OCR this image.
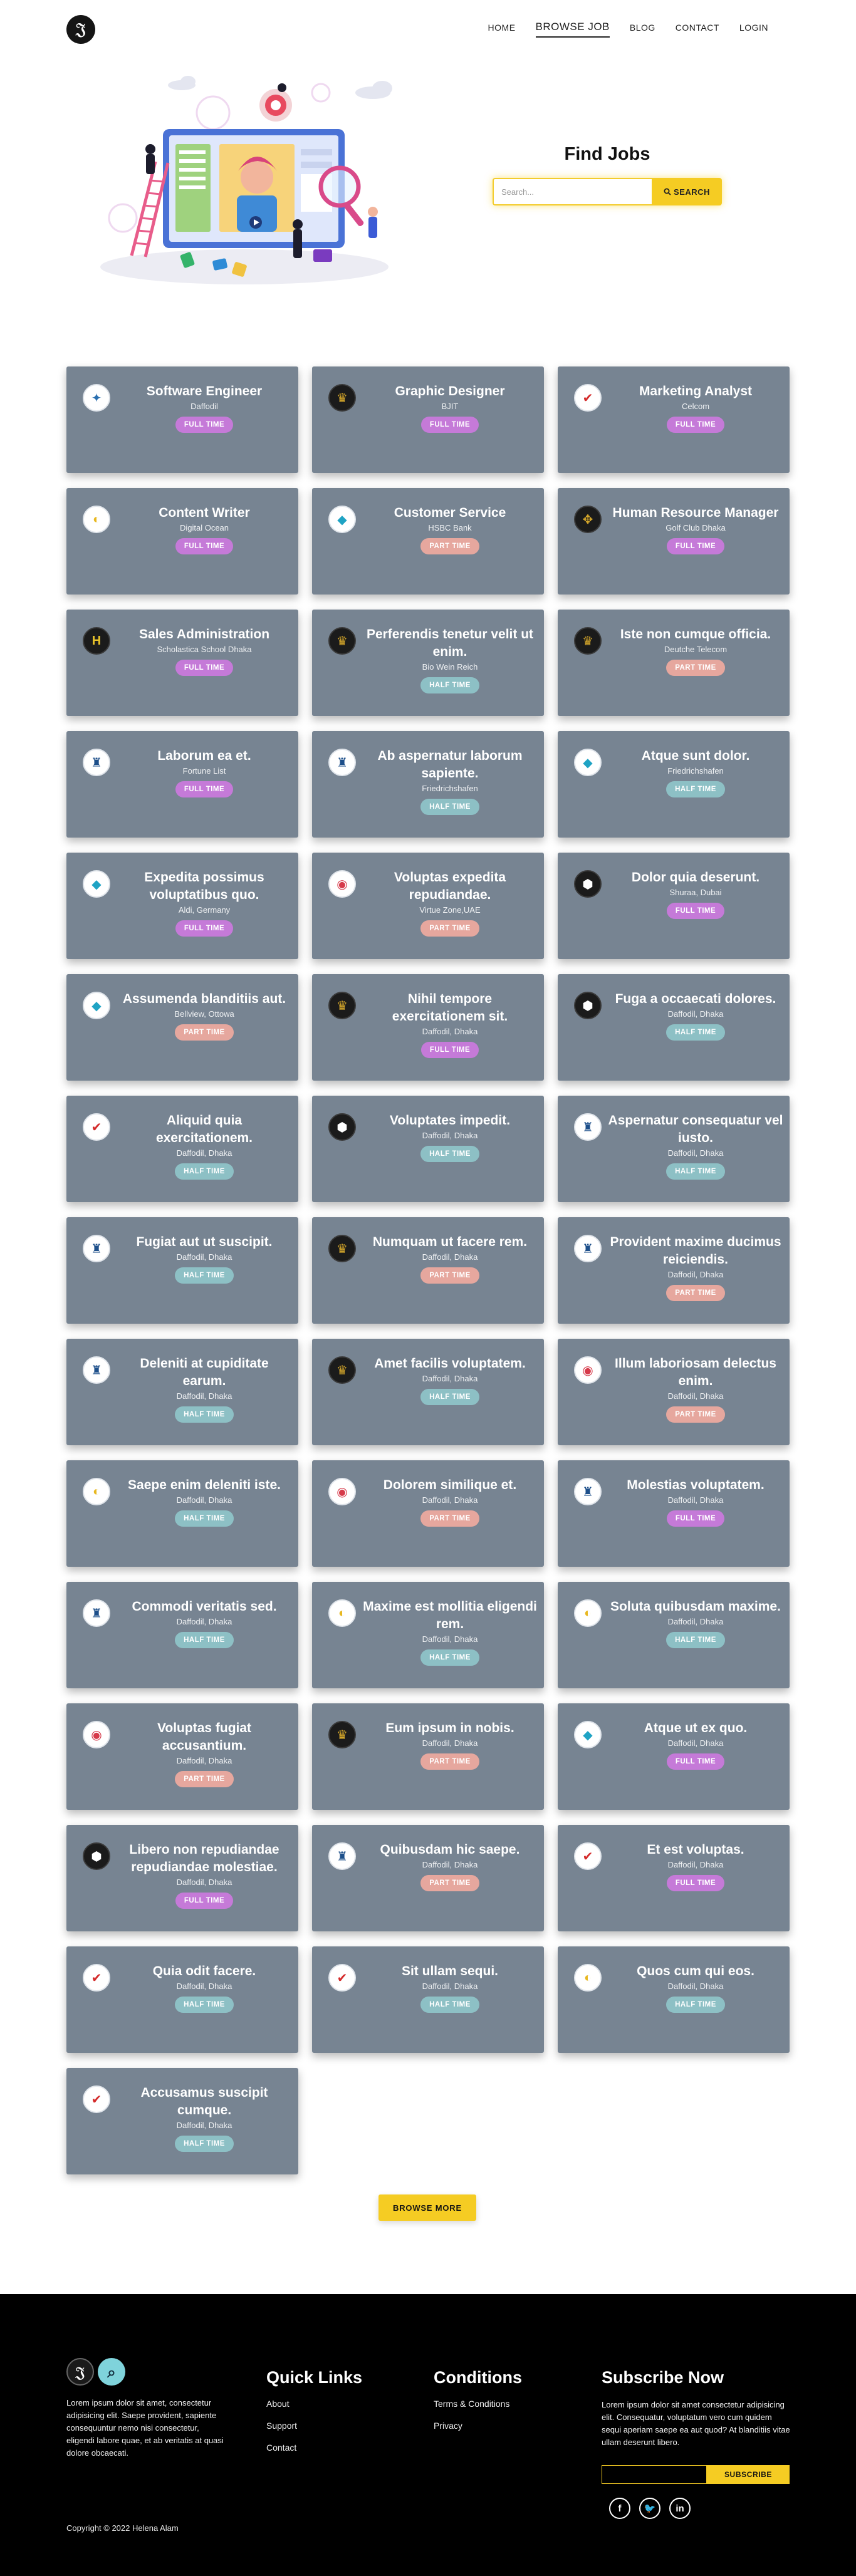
𝔍	HOME BROWSE JOB BLOG CONTACT LOGIN
Find Jobs
Search...
SEARCH
✦	Software Engineer
Daffodil
FULL TIME
♛	Graphic Designer
BJIT
FULL TIME
✔	Marketing Analyst
Celcom
FULL TIME
◐	Content Writer
Digital Ocean
FULL TIME
◆	Customer Service
HSBC Bank
PART TIME
✥	Human Resource Manager
Golf Club Dhaka
FULL TIME
H	Sales Administration
Scholastica School Dhaka
FULL TIME
♛	Perferendis tenetur velit ut enim.
Bio Wein Reich
HALF TIME
♛	Iste non cumque officia.
Deutche Telecom
PART TIME
♜	Laborum ea et.
Fortune List
FULL TIME
♜	Ab aspernatur laborum sapiente.
Friedrichshafen
HALF TIME
◆	Atque sunt dolor.
Friedrichshafen
HALF TIME
◆	Expedita possimus voluptatibus quo.
Aldi, Germany
FULL TIME
◉	Voluptas expedita repudiandae.
Virtue Zone,UAE
PART TIME
⬢	Dolor quia deserunt.
Shuraa, Dubai
FULL TIME
◆	Assumenda blanditiis aut.
Bellview, Ottowa
PART TIME
♛	Nihil tempore exercitationem sit.
Daffodil, Dhaka
FULL TIME
⬢	Fuga a occaecati dolores.
Daffodil, Dhaka
HALF TIME
✔	Aliquid quia exercitationem.
Daffodil, Dhaka
HALF TIME
⬢	Voluptates impedit.
Daffodil, Dhaka
HALF TIME
♜	Aspernatur consequatur vel iusto.
Daffodil, Dhaka
HALF TIME
♜	Fugiat aut ut suscipit.
Daffodil, Dhaka
HALF TIME
♛	Numquam ut facere rem.
Daffodil, Dhaka
PART TIME
♜	Provident maxime ducimus reiciendis.
Daffodil, Dhaka
PART TIME
♜	Deleniti at cupiditate earum.
Daffodil, Dhaka
HALF TIME
♛	Amet facilis voluptatem.
Daffodil, Dhaka
HALF TIME
◉	Illum laboriosam delectus enim.
Daffodil, Dhaka
PART TIME
◐	Saepe enim deleniti iste.
Daffodil, Dhaka
HALF TIME
◉	Dolorem similique et.
Daffodil, Dhaka
PART TIME
♜	Molestias voluptatem.
Daffodil, Dhaka
FULL TIME
♜	Commodi veritatis sed.
Daffodil, Dhaka
HALF TIME
◐	Maxime est mollitia eligendi rem.
Daffodil, Dhaka
HALF TIME
◐	Soluta quibusdam maxime.
Daffodil, Dhaka
HALF TIME
◉	Voluptas fugiat accusantium.
Daffodil, Dhaka
PART TIME
♛	Eum ipsum in nobis.
Daffodil, Dhaka
PART TIME
◆	Atque ut ex quo.
Daffodil, Dhaka
FULL TIME
⬢	Libero non repudiandae repudiandae molestiae.
Daffodil, Dhaka
FULL TIME
♜	Quibusdam hic saepe.
Daffodil, Dhaka
PART TIME
✔	Et est voluptas.
Daffodil, Dhaka
FULL TIME
✔	Quia odit facere.
Daffodil, Dhaka
HALF TIME
✔	Sit ullam sequi.
Daffodil, Dhaka
HALF TIME
◐	Quos cum qui eos.
Daffodil, Dhaka
HALF TIME
✔	Accusamus suscipit cumque.
Daffodil, Dhaka
HALF TIME
BROWSE MORE
𝔍	⌕

Lorem ipsum dolor sit amet, consectetur adipisicing elit. Saepe provident, sapiente consequuntur nemo nisi consectetur, eligendi labore quae, et ab veritatis at quasi dolore obcaecati.

Quick Links
About
Support
Contact
Conditions
Terms & Conditions
Privacy
Subscribe Now

Lorem ipsum dolor sit amet consectetur adipisicing elit. Consequatur, voluptatum vero cum quidem sequi aperiam saepe ea aut quod? At blanditiis vitae ullam deserunt libero.

SUBSCRIBE
f	🐦	in
Copyright © 2022 Helena Alam
